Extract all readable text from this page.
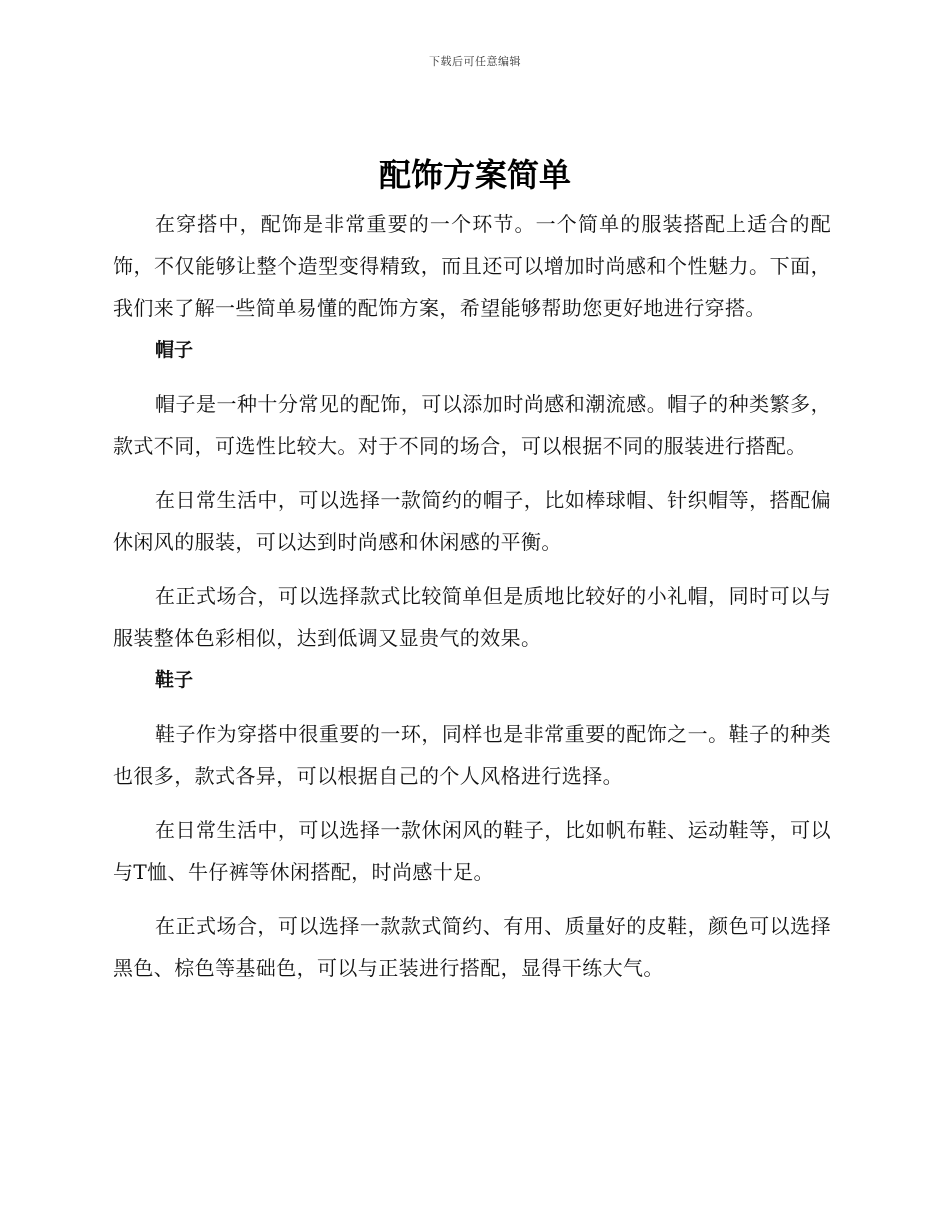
下载后可任意编辑
配饰方案简单

在穿搭中，配饰是非常重要的一个环节。一个简单的服装搭配上适合的配饰，不仅能够让整个造型变得精致，而且还可以增加时尚感和个性魅力。下面，我们来了解一些简单易懂的配饰方案，希望能够帮助您更好地进行穿搭。

帽子

帽子是一种十分常见的配饰，可以添加时尚感和潮流感。帽子的种类繁多，款式不同，可选性比较大。对于不同的场合，可以根据不同的服装进行搭配。

在日常生活中，可以选择一款简约的帽子，比如棒球帽、针织帽等，搭配偏休闲风的服装，可以达到时尚感和休闲感的平衡。

在正式场合，可以选择款式比较简单但是质地比较好的小礼帽，同时可以与服装整体色彩相似，达到低调又显贵气的效果。

鞋子

鞋子作为穿搭中很重要的一环，同样也是非常重要的配饰之一。鞋子的种类也很多，款式各异，可以根据自己的个人风格进行选择。

在日常生活中，可以选择一款休闲风的鞋子，比如帆布鞋、运动鞋等，可以与T恤、牛仔裤等休闲搭配，时尚感十足。

在正式场合，可以选择一款款式简约、有用、质量好的皮鞋，颜色可以选择黑色、棕色等基础色，可以与正装进行搭配，显得干练大气。
